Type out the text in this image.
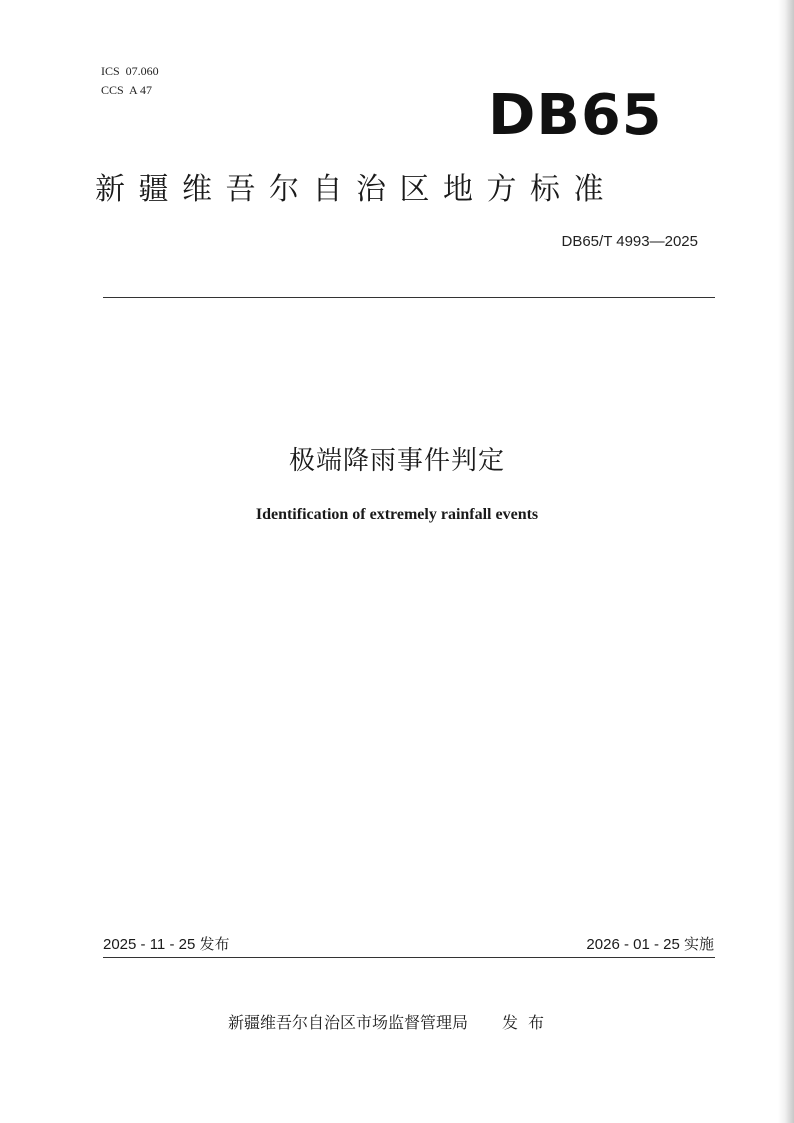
ICS  07.060
CCS  A 47	DB65
新疆维吾尔自治区地方标准
DB65/T 4993—2025
极端降雨事件判定
Identification of extremely rainfall events
2025 - 11 - 25 发布	2026 - 01 - 25 实施
新疆维吾尔自治区市场监督管理局 发布
